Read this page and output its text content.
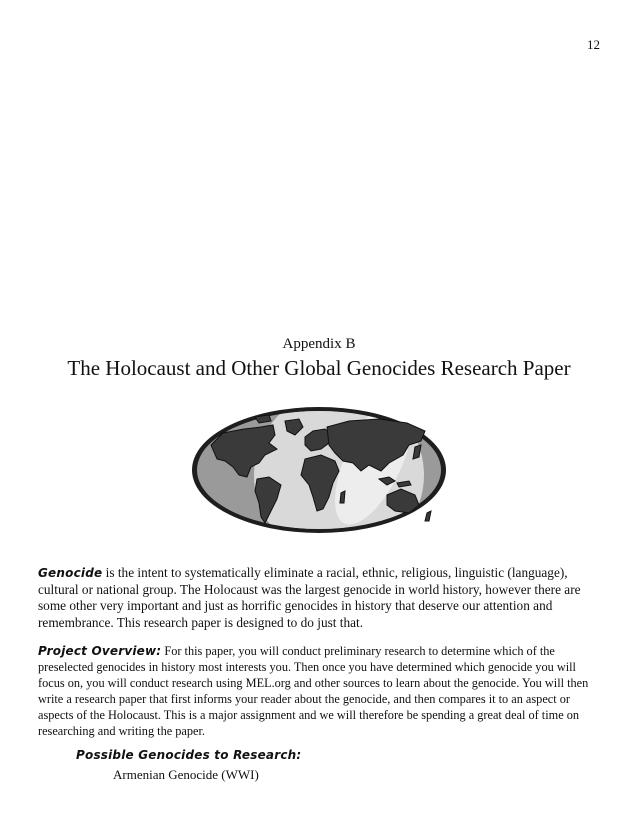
12
Appendix B
The Holocaust and Other Global Genocides Research Paper

Genocide is the intent to systematically eliminate a racial, ethnic, religious, linguistic (language), cultural or national group. The Holocaust was the largest genocide in world history, however there are some other very important and just as horrific genocides in history that deserve our attention and remembrance. This research paper is designed to do just that.

Project Overview: For this paper, you will conduct preliminary research to determine which of the preselected genocides in history most interests you. Then once you have determined which genocide you will focus on, you will conduct research using MEL.org and other sources to learn about the genocide. You will then write a research paper that first informs your reader about the genocide, and then compares it to an aspect or aspects of the Holocaust. This is a major assignment and we will therefore be spending a great deal of time on researching and writing the paper.

Possible Genocides to Research:
Armenian Genocide (WWI)
